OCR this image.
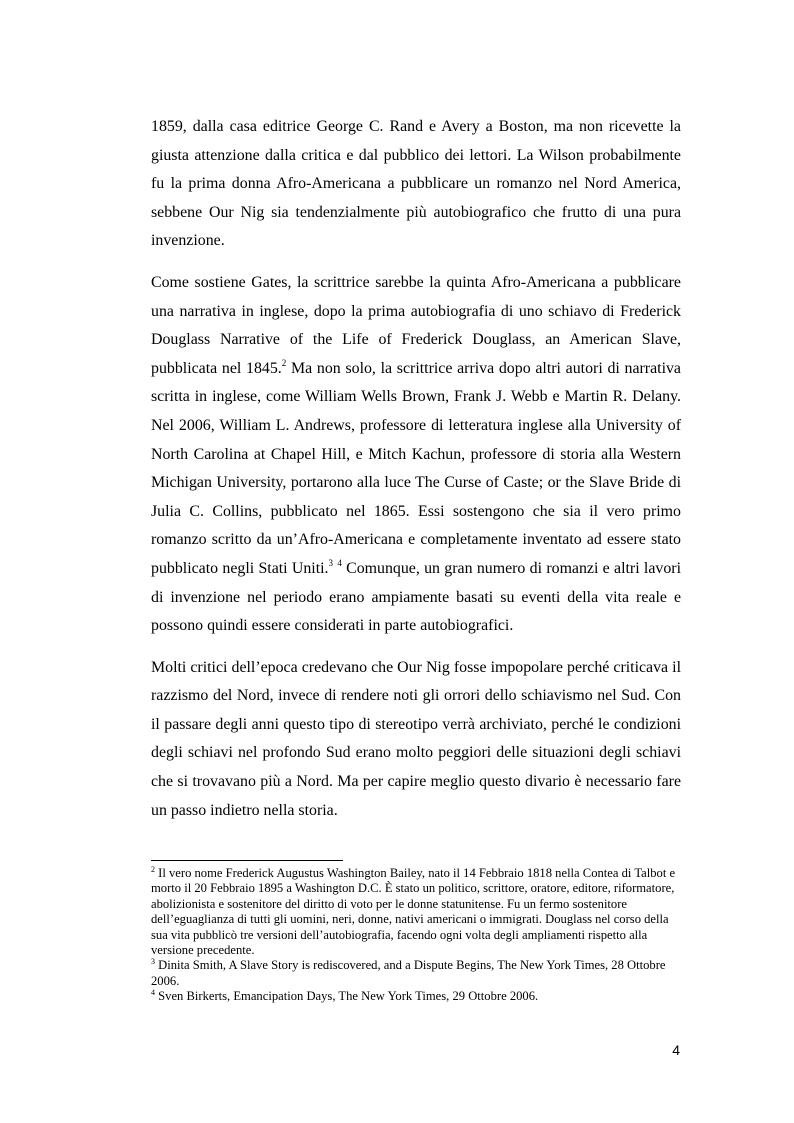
1859, dalla casa editrice George C. Rand e Avery a Boston, ma non ricevette la giusta attenzione dalla critica e dal pubblico dei lettori. La Wilson probabilmente fu la prima donna Afro-Americana a pubblicare un romanzo nel Nord America, sebbene Our Nig sia tendenzialmente più autobiografico che frutto di una pura invenzione.

Come sostiene Gates, la scrittrice sarebbe la quinta Afro-Americana a pubblicare una narrativa in inglese, dopo la prima autobiografia di uno schiavo di Frederick Douglass Narrative of the Life of Frederick Douglass, an American Slave, pubblicata nel 1845.$^2$ Ma non solo, la scrittrice arriva dopo altri autori di narrativa scritta in inglese, come William Wells Brown, Frank J. Webb e Martin R. Delany. Nel 2006, William L. Andrews, professore di letteratura inglese alla University of North Carolina at Chapel Hill, e Mitch Kachun, professore di storia alla Western Michigan University, portarono alla luce The Curse of Caste; or the Slave Bride di Julia C. Collins, pubblicato nel 1865. Essi sostengono che sia il vero primo romanzo scritto da un’Afro-Americana e completamente inventato ad essere stato pubblicato negli Stati Uniti.$^3$ $^4$ Comunque, un gran numero di romanzi e altri lavori di invenzione nel periodo erano ampiamente basati su eventi della vita reale e possono quindi essere considerati in parte autobiografici.

Molti critici dell’epoca credevano che Our Nig fosse impopolare perché criticava il razzismo del Nord, invece di rendere noti gli orrori dello schiavismo nel Sud. Con il passare degli anni questo tipo di stereotipo verrà archiviato, perché le condizioni degli schiavi nel profondo Sud erano molto peggiori delle situazioni degli schiavi che si trovavano più a Nord. Ma per capire meglio questo divario è necessario fare un passo indietro nella storia.

$^2$ Il vero nome Frederick Augustus Washington Bailey, nato il 14 Febbraio 1818 nella Contea di Talbot e morto il 20 Febbraio 1895 a Washington D.C. È stato un politico, scrittore, oratore, editore, riformatore, abolizionista e sostenitore del diritto di voto per le donne statunitense. Fu un fermo sostenitore dell’eguaglianza di tutti gli uomini, neri, donne, nativi americani o immigrati. Douglass nel corso della sua vita pubblicò tre versioni dell’autobiografia, facendo ogni volta degli ampliamenti rispetto alla versione precedente.

$^3$ Dinita Smith, A Slave Story is rediscovered, and a Dispute Begins, The New York Times, 28 Ottobre 2006.

$^4$ Sven Birkerts, Emancipation Days, The New York Times, 29 Ottobre 2006.

4
